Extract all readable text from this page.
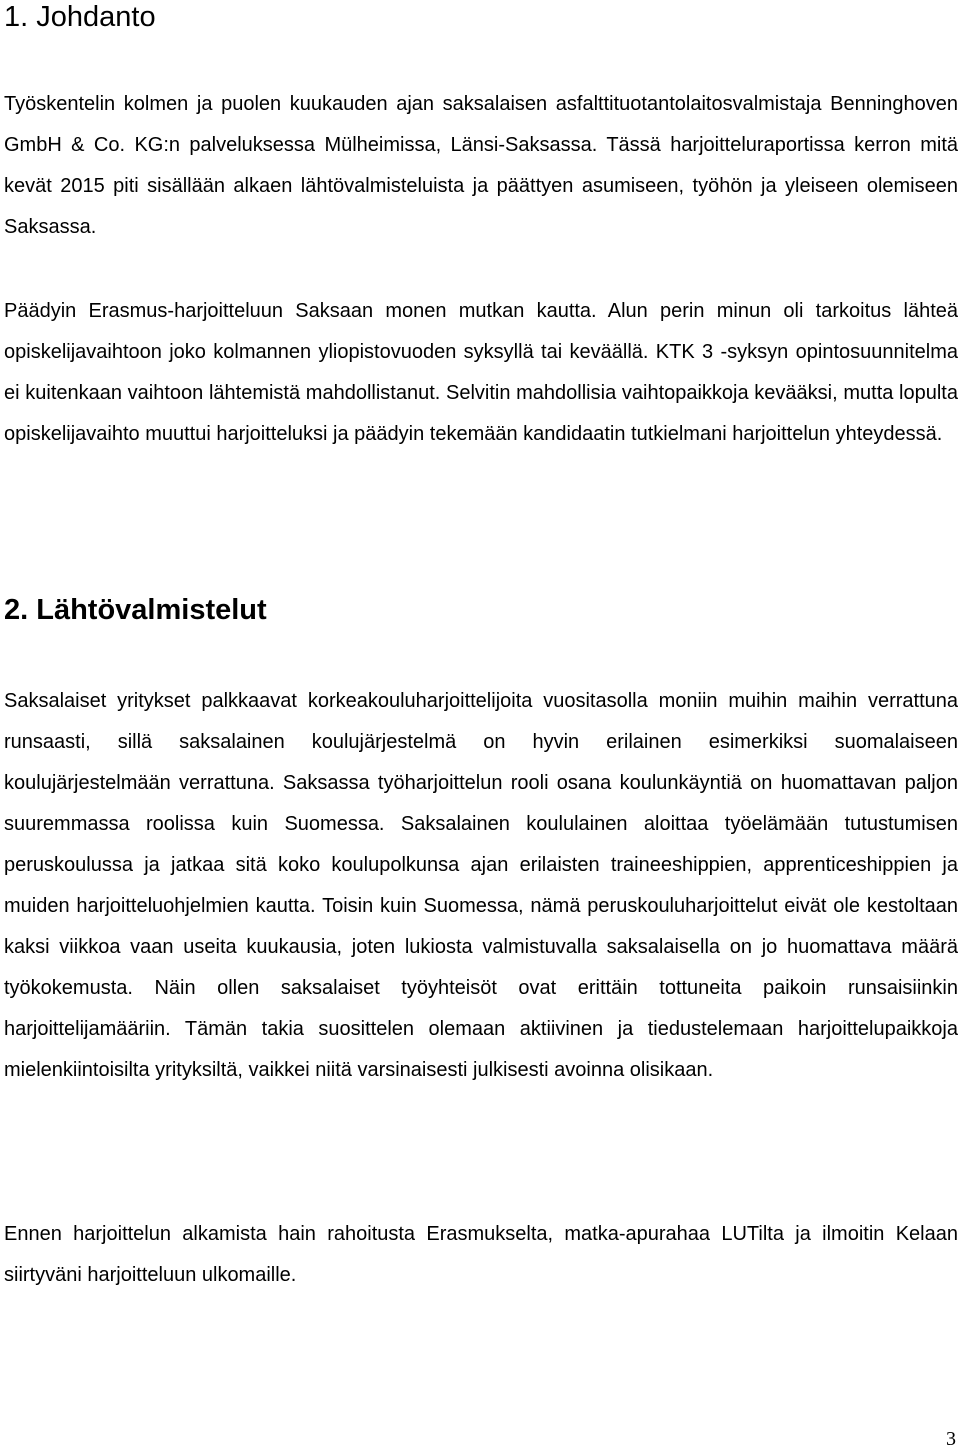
1. Johdanto

Työskentelin kolmen ja puolen kuukauden ajan saksalaisen asfalttituotantolaitosvalmistaja Benninghoven GmbH & Co. KG:n palveluksessa Mülheimissa, Länsi-Saksassa. Tässä harjoitteluraportissa kerron mitä kevät 2015 piti sisällään alkaen lähtövalmisteluista ja päättyen asumiseen, työhön ja yleiseen olemiseen Saksassa.

Päädyin Erasmus-harjoitteluun Saksaan monen mutkan kautta. Alun perin minun oli tarkoitus lähteä opiskelijavaihtoon joko kolmannen yliopistovuoden syksyllä tai keväällä. KTK 3 -syksyn opintosuunnitelma ei kuitenkaan vaihtoon lähtemistä mahdollistanut. Selvitin mahdollisia vaihtopaikkoja kevääksi, mutta lopulta opiskelijavaihto muuttui harjoitteluksi ja päädyin tekemään kandidaatin tutkielmani harjoittelun yhteydessä.

2. Lähtövalmistelut

Saksalaiset yritykset palkkaavat korkeakouluharjoittelijoita vuositasolla moniin muihin maihin verrattuna runsaasti, sillä saksalainen koulujärjestelmä on hyvin erilainen esimerkiksi suomalaiseen koulujärjestelmään verrattuna. Saksassa työharjoittelun rooli osana koulunkäyntiä on huomattavan paljon suuremmassa roolissa kuin Suomessa. Saksalainen koululainen aloittaa työelämään tutustumisen peruskoulussa ja jatkaa sitä koko koulupolkunsa ajan erilaisten traineeshippien, apprenticeshippien ja muiden harjoitteluohjelmien kautta. Toisin kuin Suomessa, nämä peruskouluharjoittelut eivät ole kestoltaan kaksi viikkoa vaan useita kuukausia, joten lukiosta valmistuvalla saksalaisella on jo huomattava määrä työkokemusta. Näin ollen saksalaiset työyhteisöt ovat erittäin tottuneita paikoin runsaisiinkin harjoittelijamääriin. Tämän takia suosittelen olemaan aktiivinen ja tiedustelemaan harjoittelupaikkoja mielenkiintoisilta yrityksiltä, vaikkei niitä varsinaisesti julkisesti avoinna olisikaan.

Ennen harjoittelun alkamista hain rahoitusta Erasmukselta, matka-apurahaa LUTilta ja ilmoitin Kelaan siirtyväni harjoitteluun ulkomaille.

3
